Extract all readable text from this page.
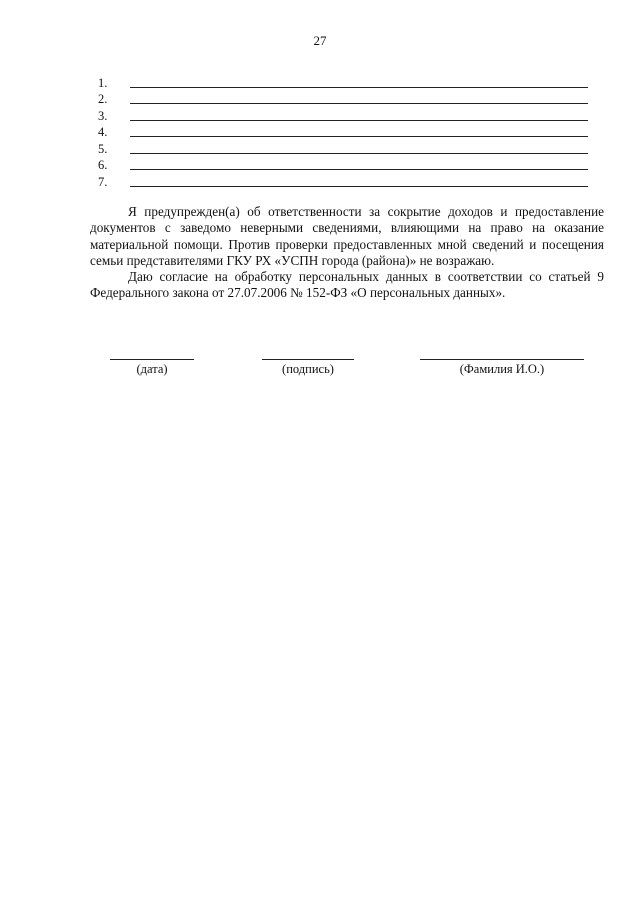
27
1.
2.
3.
4.
5.
6.
7.

Я предупрежден(а) об ответственности за сокрытие доходов и предоставление документов с заведомо неверными сведениями, влияющими на право на оказание материальной помощи. Против проверки предоставленных мной сведений и посещения семьи представителями ГКУ РХ «УСПН города (района)» не возражаю.

Даю согласие на обработку персональных данных в соответствии со статьей 9 Федерального закона от 27.07.2006 № 152-ФЗ «О персональных данных».

(дата)	(подпись)	(Фамилия И.О.)
